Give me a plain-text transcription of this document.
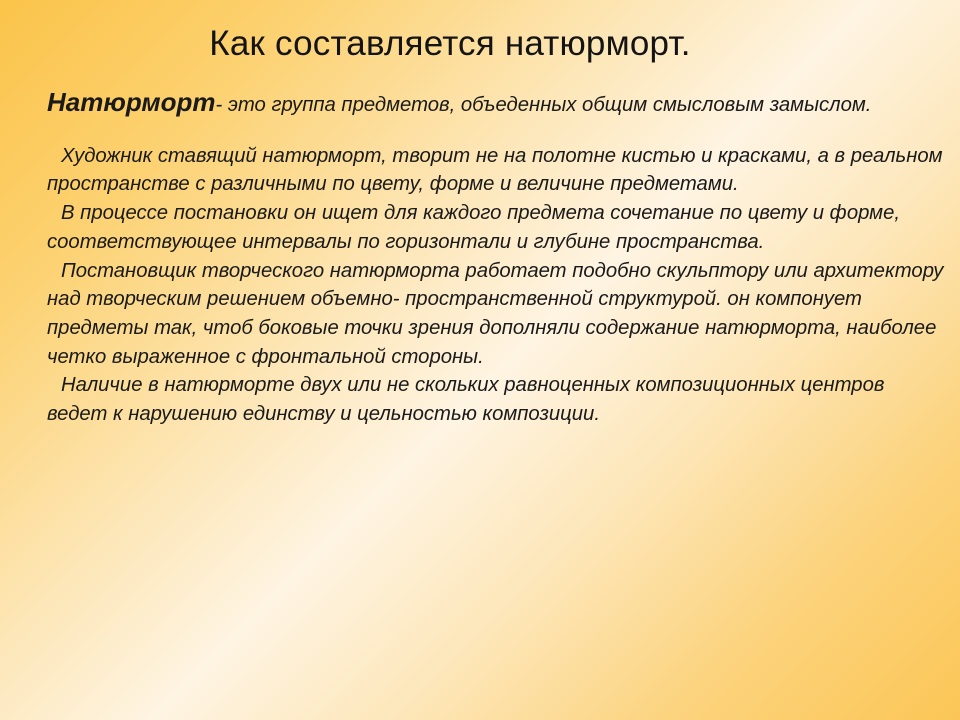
Как составляется натюрморт.

Натюрморт- это группа предметов, объеденных общим смысловым замыслом.

Художник ставящий натюрморт, творит не на полотне кистью и красками, а в реальном пространстве с различными по цвету, форме и величине предметами.

В процессе постановки он ищет для каждого предмета сочетание по цвету и форме, соответствующее интервалы по горизонтали и глубине пространства.

Постановщик творческого натюрморта работает подобно скульптору или архитектору над творческим решением объемно- пространственной структурой. он компонует предметы так, чтоб боковые точки зрения дополняли содержание натюрморта, наиболее четко выраженное с фронтальной стороны.

Наличие в натюрморте двух или не скольких равноценных композиционных центров ведет к нарушению единству и цельностью композиции.
